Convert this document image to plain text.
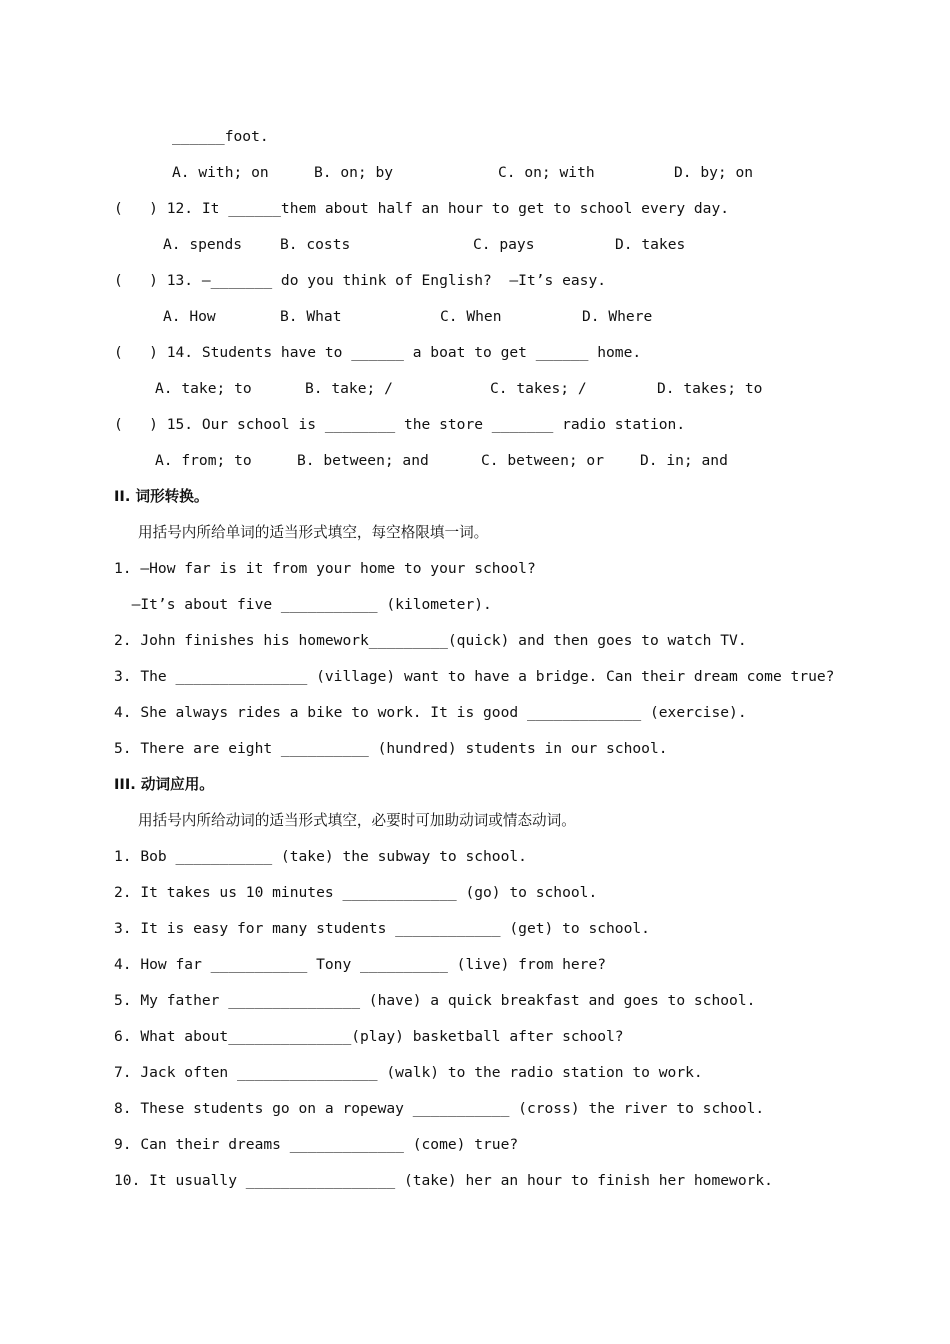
______foot.
A. with; on	B. on; by	C. on; with	D. by; on
(   ) 12. It ______them about half an hour to get to school every day.
A. spends	B. costs	C. pays	D. takes
(   ) 13. —_______ do you think of English?  —It’s easy.
A. How	B. What	C. When	D. Where
(   ) 14. Students have to ______ a boat to get ______ home.
A. take; to	B. take; /	C. takes; /	D. takes; to
(   ) 15. Our school is ________ the store _______ radio station.
A. from; to	B. between; and	C. between; or D. in; and
II. 词形转换。
用括号内所给单词的适当形式填空，每空格限填一词。
1. —How far is it from your home to your school?
—It’s about five ___________ (kilometer).
2. John finishes his homework_________(quick) and then goes to watch TV.
3. The _______________ (village) want to have a bridge. Can their dream come true?
4. She always rides a bike to work. It is good _____________ (exercise).
5. There are eight __________ (hundred) students in our school.
III. 动词应用。
用括号内所给动词的适当形式填空，必要时可加助动词或情态动词。
1. Bob ___________ (take) the subway to school.
2. It takes us 10 minutes _____________ (go) to school.
3. It is easy for many students ____________ (get) to school.
4. How far ___________ Tony __________ (live) from here?
5. My father _______________ (have) a quick breakfast and goes to school.
6. What about______________(play) basketball after school?
7. Jack often ________________ (walk) to the radio station to work.
8. These students go on a ropeway ___________ (cross) the river to school.
9. Can their dreams _____________ (come) true?
10. It usually _________________ (take) her an hour to finish her homework.
